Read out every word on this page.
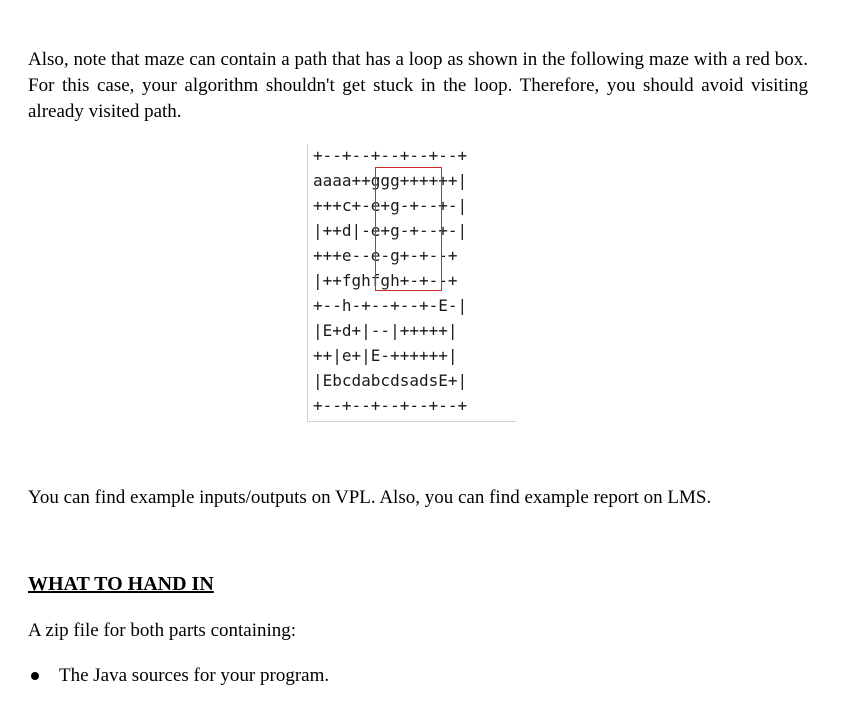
Also, note that maze can contain a path that has a loop as shown in the following maze with a red box. For this case, your algorithm shouldn't get stuck in the loop. Therefore, you should avoid visiting already visited path.

+--+--+--+--+--+
aaaa++ggg++++++|
+++c+-e+g-+--+-|
|++d|-e+g-+--+-|
+++e--e-g+-+--+
|++fghfgh+-+--+
+--h-+--+--+-E-|
|E+d+|--|+++++|
++|e+|E-++++++|
|EbcdabcdsadsE+|
+--+--+--+--+--+

You can find example inputs/outputs on VPL. Also, you can find example report on LMS.

WHAT TO HAND IN

A zip file for both parts containing:

The Java sources for your program.
